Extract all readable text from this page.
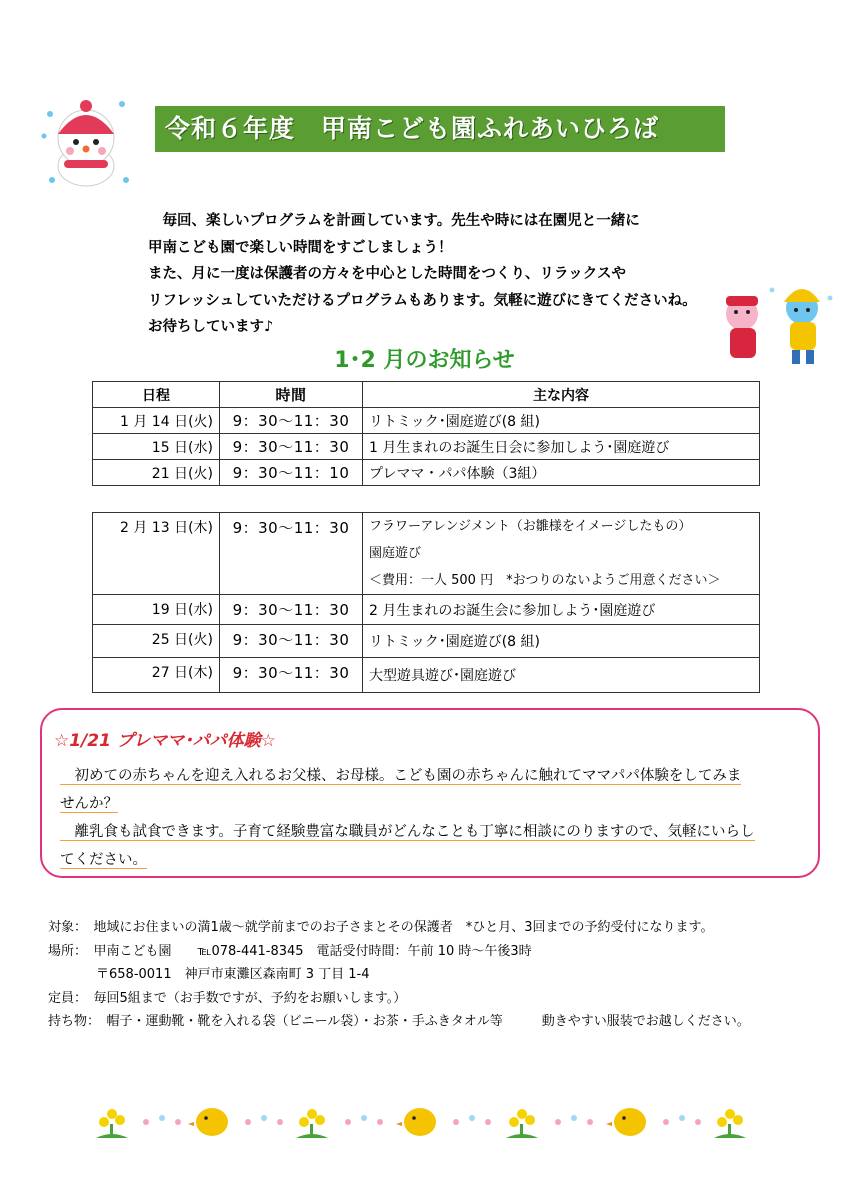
令和６年度　甲南こども園ふれあいひろば
　毎回、楽しいプログラムを計画しています。先生や時には在園児と一緒に
甲南こども園で楽しい時間をすごしましょう！
また、月に一度は保護者の方々を中心とした時間をつくり、リラックスや
リフレッシュしていただけるプログラムもあります。気軽に遊びにきてくださいね。
お待ちしています♪
1･2 月のお知らせ
日程	時間	主な内容
1 月 14 日(火)	9：30～11：30	リトミック･園庭遊び(8 組)
15 日(水)	9：30～11：30	1 月生まれのお誕生日会に参加しよう･園庭遊び
21 日(火)	9：30～11：10	プレママ・パパ体験（3組）
2 月 13 日(木)	9：30～11：30	フラワーアレンジメント（お雛様をイメージしたもの）
園庭遊び
＜費用：一人 500 円　*おつりのないようご用意ください＞

19 日(水)	9：30～11：30	2 月生まれのお誕生会に参加しよう･園庭遊び
25 日(火)	9：30～11：30	リトミック･園庭遊び(8 組)
27 日(木)	9：30～11：30	大型遊具遊び･園庭遊び
☆1/21 プレママ･パパ体験☆
　初めての赤ちゃんを迎え入れるお父様、お母様。こども園の赤ちゃんに触れてママパパ体験をしてみま
せんか？
　離乳食も試食できます。子育て経験豊富な職員がどんなことも丁寧に相談にのりますので、気軽にいらし
てください。
対象：　地域にお住まいの満1歳～就学前までのお子さまとその保護者　*ひと月、3回までの予約受付になります。
場所：　甲南こども園　　℡078-441-8345　電話受付時間：午前 10 時～午後3時
〒658-0011　神戸市東灘区森南町 3 丁目 1-4
定員：　毎回5組まで（お手数ですが、予約をお願いします。）
持ち物：　帽子・運動靴・靴を入れる袋（ビニール袋）・お茶・手ふきタオル等　　　動きやすい服装でお越しください。
